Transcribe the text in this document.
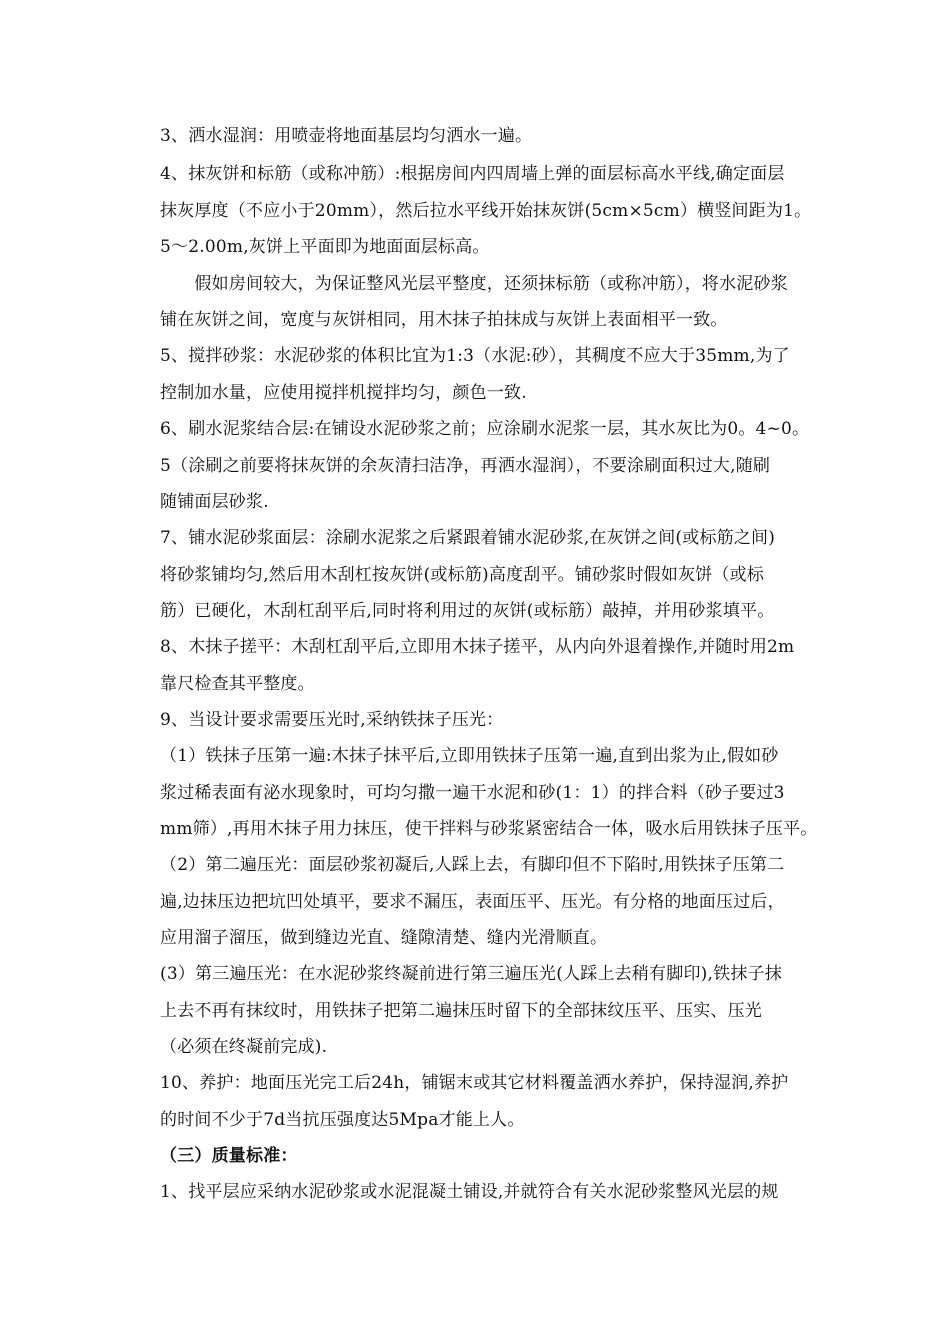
3、洒水湿润：用喷壶将地面基层均匀洒水一遍。
4、抹灰饼和标筋（或称冲筋）:根据房间内四周墙上弹的面层标高水平线,确定面层
抹灰厚度（不应小于20mm），然后拉水平线开始抹灰饼(5cm×5cm）横竖间距为1。
5～2.00m,灰饼上平面即为地面面层标高。
　　假如房间较大，为保证整风光层平整度，还须抹标筋（或称冲筋），将水泥砂浆
铺在灰饼之间，宽度与灰饼相同，用木抹子拍抹成与灰饼上表面相平一致。
5、搅拌砂浆：水泥砂浆的体积比宜为1:3（水泥:砂），其稠度不应大于35mm,为了
控制加水量，应使用搅拌机搅拌均匀，颜色一致.
6、刷水泥浆结合层:在铺设水泥砂浆之前；应涂刷水泥浆一层，其水灰比为0。4~0。
5（涂刷之前要将抹灰饼的余灰清扫洁净，再洒水湿润），不要涂刷面积过大,随刷
随铺面层砂浆.
7、铺水泥砂浆面层：涂刷水泥浆之后紧跟着铺水泥砂浆,在灰饼之间(或标筋之间)
将砂浆铺均匀,然后用木刮杠按灰饼(或标筋)高度刮平。铺砂浆时假如灰饼（或标
筋）已硬化，木刮杠刮平后,同时将利用过的灰饼(或标筋）敲掉，并用砂浆填平。
8、木抹子搓平：木刮杠刮平后,立即用木抹子搓平，从内向外退着操作,并随时用2m
靠尺检查其平整度。
9、当设计要求需要压光时,采纳铁抹子压光：
（1）铁抹子压第一遍:木抹子抹平后,立即用铁抹子压第一遍,直到出浆为止,假如砂
浆过稀表面有泌水现象时，可均匀撒一遍干水泥和砂(1：1）的拌合料（砂子要过3
mm筛）,再用木抹子用力抹压，使干拌料与砂浆紧密结合一体，吸水后用铁抹子压平。
（2）第二遍压光：面层砂浆初凝后,人踩上去，有脚印但不下陷时,用铁抹子压第二
遍,边抹压边把坑凹处填平，要求不漏压，表面压平、压光。有分格的地面压过后，
应用溜子溜压，做到缝边光直、缝隙清楚、缝内光滑顺直。
(3）第三遍压光：在水泥砂浆终凝前进行第三遍压光(人踩上去稍有脚印),铁抹子抹
上去不再有抹纹时，用铁抹子把第二遍抹压时留下的全部抹纹压平、压实、压光
（必须在终凝前完成).
10、养护：地面压光完工后24h，铺锯末或其它材料覆盖洒水养护，保持湿润,养护
的时间不少于7d当抗压强度达5Mpa才能上人。
（三）质量标准：
1、找平层应采纳水泥砂浆或水泥混凝土铺设,并就符合有关水泥砂浆整风光层的规
